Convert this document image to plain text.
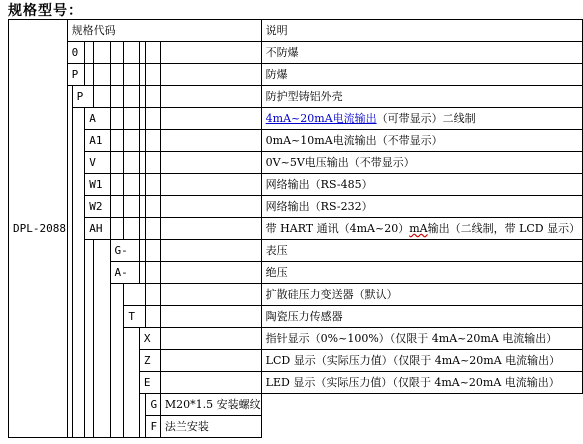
规格型号：
DPL-2088	规格代码									说明
	0									不防爆
	P									防爆
		P								防护型铸铝外壳
			A							4mA~20mA电流输出（可带显示）二线制
			A1							0mA~10mA电流输出（不带显示）
			V							0V~5V电压输出（不带显示）
			W1							网络输出（RS-485）
			W2							网络输出（RS-232）
			AH							带 HART 通讯（4mA~20）mA输出（二线制，带 LCD 显示）
					G-					表压
					A-					绝压
										扩散硅压力变送器（默认）
						T				陶瓷压力传感器
							X			指针显示（0%~100%）（仅限于 4mA~20mA 电流输出）
							Z			LCD 显示（实际压力值）（仅限于 4mA~20mA 电流输出）
							E			LED 显示（实际压力值）（仅限于 4mA~20mA 电流输出）
								G	M20*1.5 安装螺纹	
								F	法兰安装	
